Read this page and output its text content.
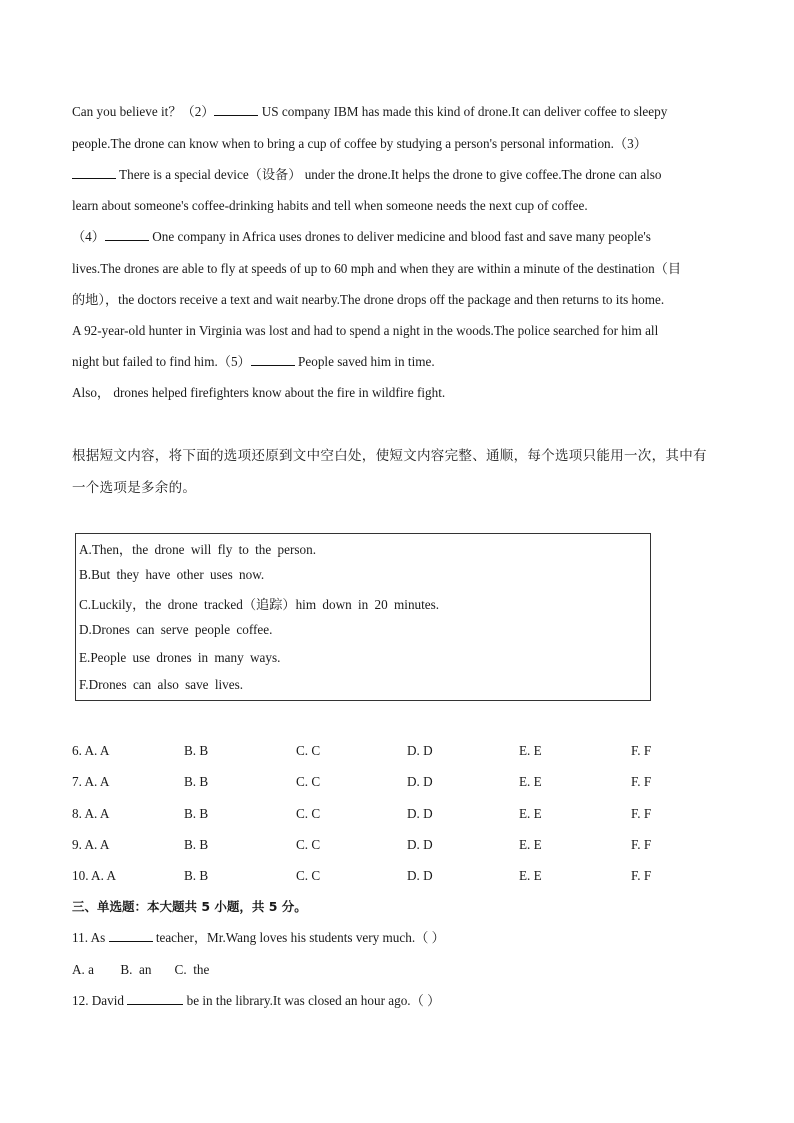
Can you believe it？（2）	US company IBM has made this kind of drone.It can deliver coffee to sleepy
people.The drone can know when to bring a cup of coffee by studying a person's personal information.（3）
There is a special device（设备） under the drone.It helps the drone to give coffee.The drone can also
learn about someone's coffee-drinking habits and tell when someone needs the next cup of coffee.
（4）	One company in Africa uses drones to deliver medicine and blood fast and save many people's
lives.The drones are able to fly at speeds of up to 60 mph and when they are within a minute of the destination（目
的地），the doctors receive a text and wait nearby.The drone drops off the package and then returns to its home.
A 92-year-old hunter in Virginia was lost and had to spend a night in the woods.The police searched for him all
night but failed to find him.（5）	People saved him in time.
Also， drones helped firefighters know about the fire in wildfire fight.
根据短文内容，将下面的选项还原到文中空白处，使短文内容完整、通顺，每个选项只能用一次，其中有
一个选项是多余的。
A.Then，the drone will fly to the person.
B.But they have other uses now.
C.Luckily，the drone tracked（追踪）him down in 20 minutes.
D.Drones can serve people coffee.
E.People use drones in many ways.
F.Drones can also save lives.
6. A. A	B. B	C. C	D. D	E. E	F. F
7. A. A	B. B	C. C	D. D	E. E	F. F
8. A. A	B. B	C. C	D. D	E. E	F. F
9. A. A	B. B	C. C	D. D	E. E	F. F
10. A. A	B. B	C. C	D. D	E. E	F. F
三、单选题：本大题共 5 小题，共 5 分。
11. As	teacher，Mr.Wang loves his students very much.（ ）
A. a        B.  an       C.  the
12. David	be in the library.It was closed an hour ago.（ ）
